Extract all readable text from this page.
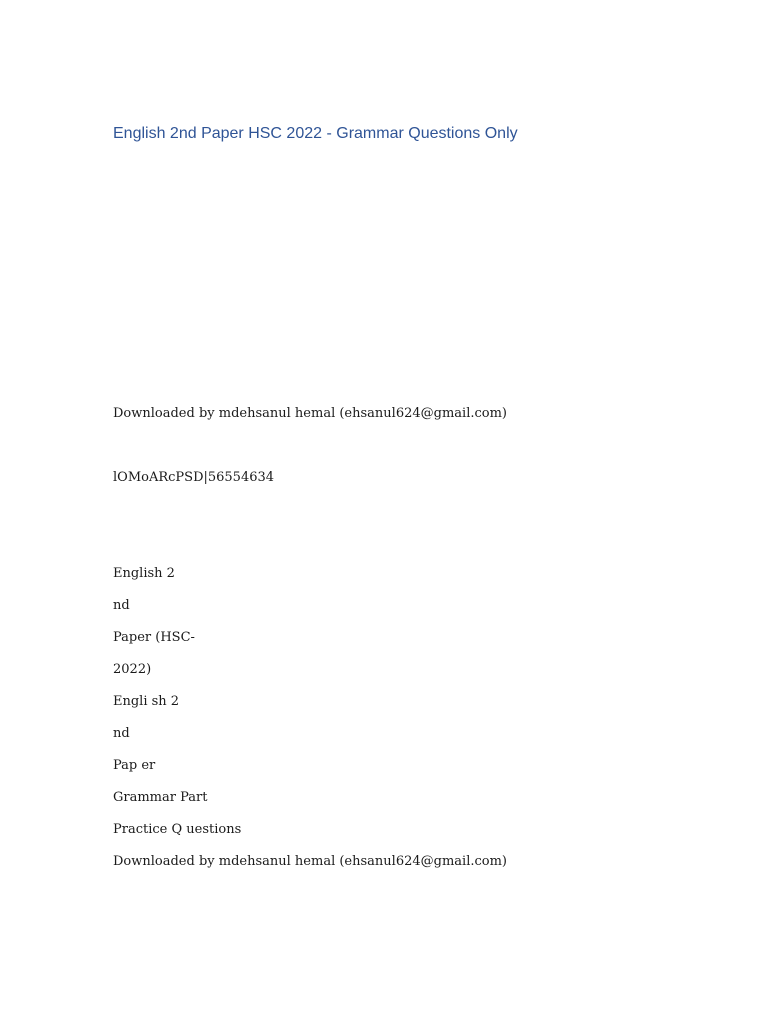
English 2nd Paper HSC 2022 - Grammar Questions Only

Downloaded by mdehsanul hemal (ehsanul624@gmail.com)

lOMoARcPSD|56554634

English 2

nd

Paper (HSC-

2022)

Engli sh 2

nd

Pap er

Grammar Part

Practice Q uestions

Downloaded by mdehsanul hemal (ehsanul624@gmail.com)
